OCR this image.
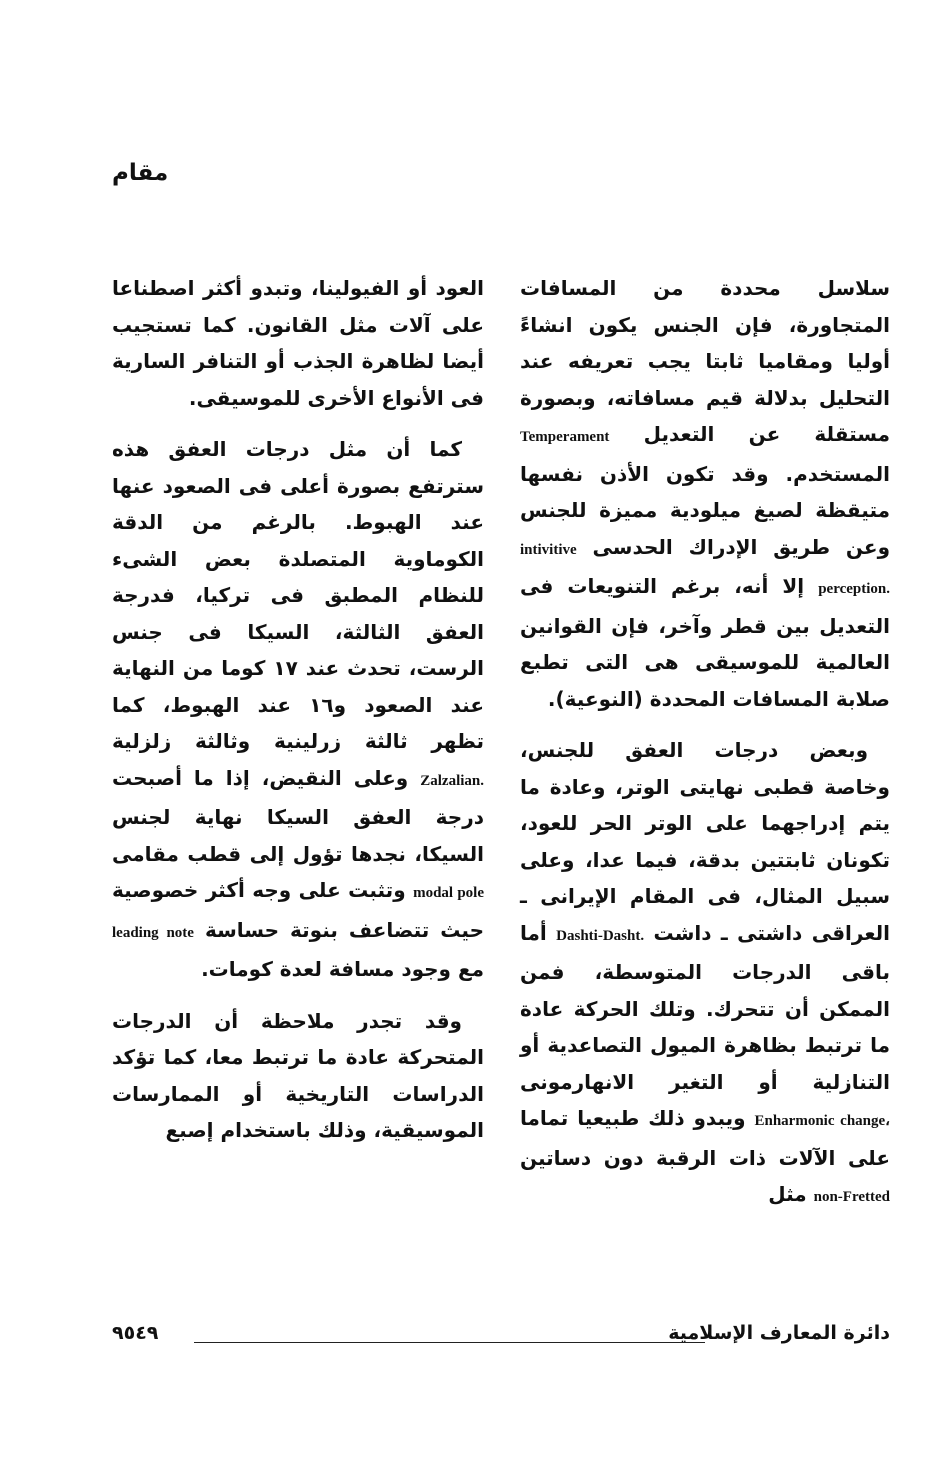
مقام

سلاسل محددة من المسافات المتجاورة، فإن الجنس يكون انشاءً أوليا ومقاميا ثابتا يجب تعريفه عند التحليل بدلالة قيم مسافاته، وبصورة مستقلة عن التعديل Temperament المستخدم. وقد تكون الأذن نفسها متيقظة لصيغ ميلودية مميزة للجنس وعن طريق الإدراك الحدسى intivitive perception. إلا أنه، برغم التنويعات فى التعديل بين قطر وآخر، فإن القوانين العالمية للموسيقى هى التى تطبع صلابة المسافات المحددة (النوعية).

وبعض درجات العفق للجنس، وخاصة قطبى نهايتى الوتر، وعادة ما يتم إدراجهما على الوتر الحر للعود، تكونان ثابتتين بدقة، فيما عدا، وعلى سبيل المثال، فى المقام الإيرانى ـ العراقى داشتى ـ داشت Dashti-Dasht. أما باقى الدرجات المتوسطة، فمن الممكن أن تتحرك. وتلك الحركة عادة ما ترتبط بظاهرة الميول التصاعدية أو التنازلية أو التغير الانهارمونى Enharmonic change، ويبدو ذلك طبيعيا تماما على الآلات ذات الرقبة دون دساتين non-Fretted مثل

العود أو الفيولينا، وتبدو أكثر اصطناعا على آلات مثل القانون. كما تستجيب أيضا لظاهرة الجذب أو التنافر السارية فى الأنواع الأخرى للموسيقى.

كما أن مثل درجات العفق هذه سترتفع بصورة أعلى فى الصعود عنها عند الهبوط. بالرغم من الدقة الكوماوية المتصلدة بعض الشىء للنظام المطبق فى تركيا، فدرجة العفق الثالثة، السيكا فى جنس الرست، تحدث عند ١٧ كوما من النهاية عند الصعود و١٦ عند الهبوط، كما تظهر ثالثة زرلينية وثالثة زلزلية Zalzalian. وعلى النقيض، إذا ما أصبحت درجة العفق السيكا نهاية لجنس السيكا، نجدها تؤول إلى قطب مقامى modal pole وتثبت على وجه أكثر خصوصية حيث تتضاعف بنوتة حساسة leading note مع وجود مسافة لعدة كومات.

وقد تجدر ملاحظة أن الدرجات المتحركة عادة ما ترتبط معا، كما تؤكد الدراسات التاريخية أو الممارسات الموسيقية، وذلك باستخدام إصبع

دائرة المعارف الإسلامية
٩٥٤٩
